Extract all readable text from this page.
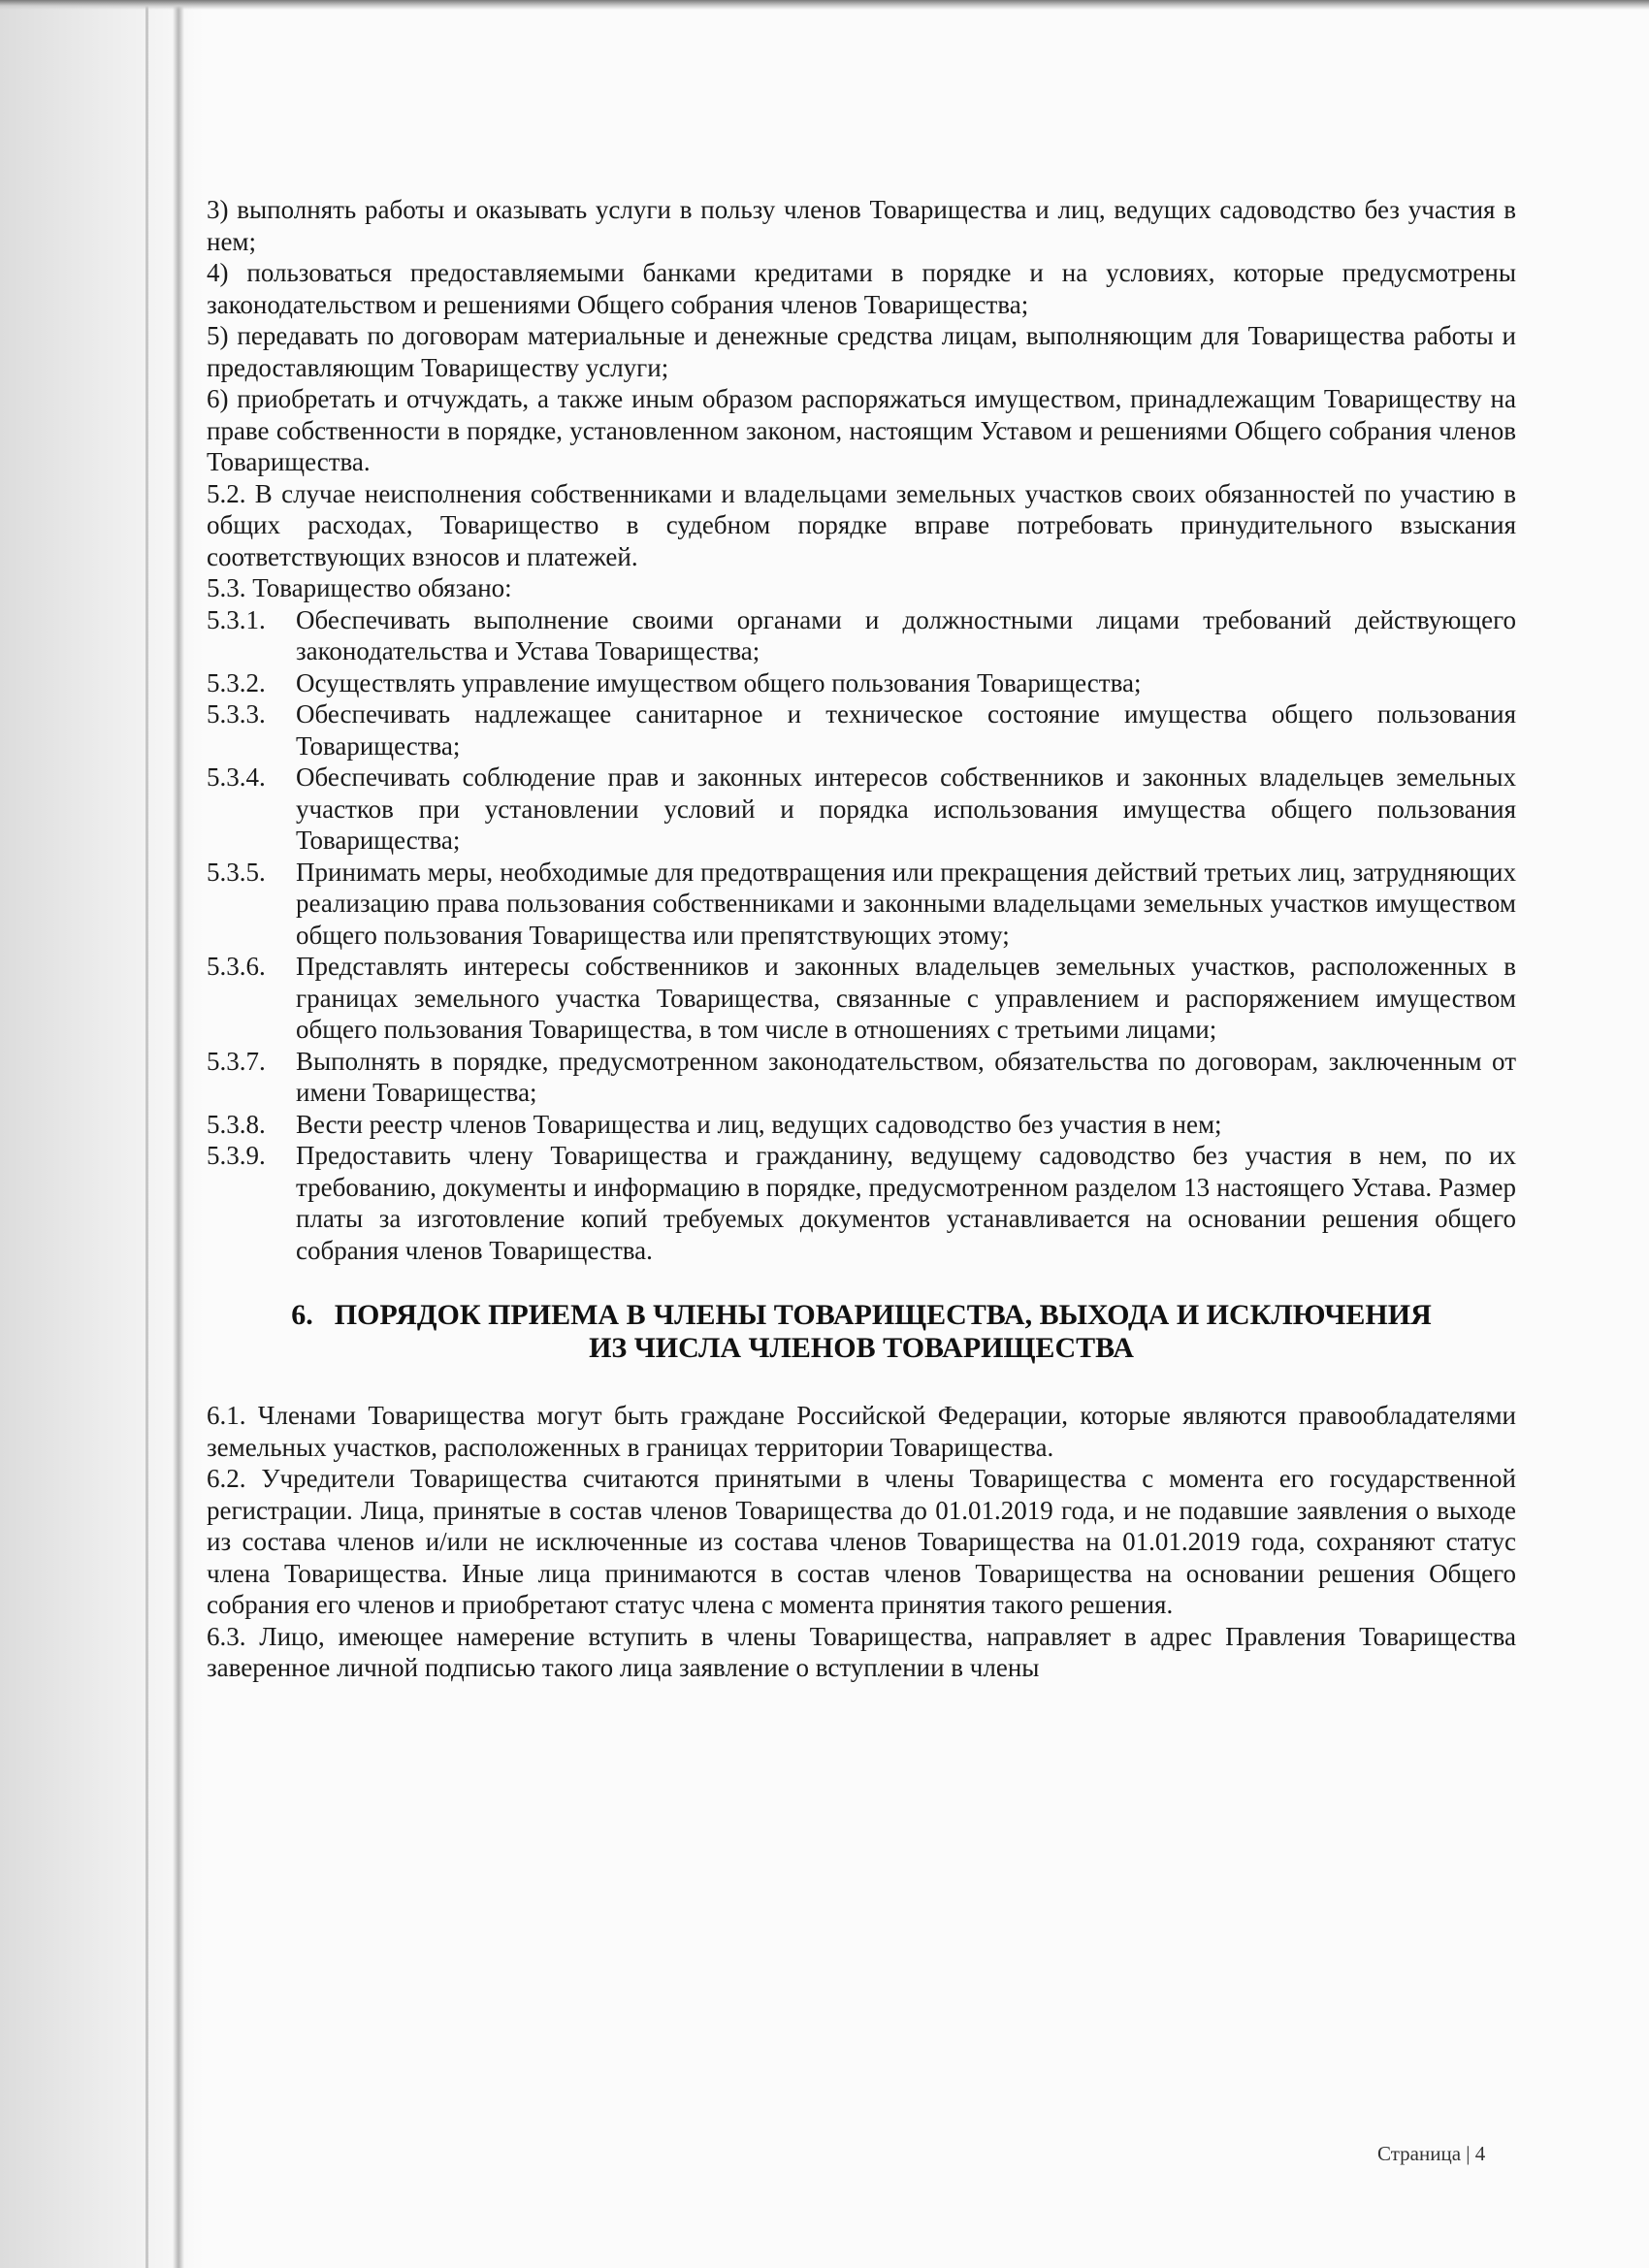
3) выполнять работы и оказывать услуги в пользу членов Товарищества и лиц, ведущих садоводство без участия в нем;

4) пользоваться предоставляемыми банками кредитами в порядке и на условиях, которые предусмотрены законодательством и решениями Общего собрания членов Товарищества;

5) передавать по договорам материальные и денежные средства лицам, выполняющим для Товарищества работы и предоставляющим Товариществу услуги;

6) приобретать и отчуждать, а также иным образом распоряжаться имуществом, принадлежащим Товариществу на праве собственности в порядке, установленном законом, настоящим Уставом и решениями Общего собрания членов Товарищества.

5.2. В случае неисполнения собственниками и владельцами земельных участков своих обязанностей по участию в общих расходах, Товарищество в судебном порядке вправе потребовать принудительного взыскания соответствующих взносов и платежей.

5.3. Товарищество обязано:

5.3.1.	Обеспечивать выполнение своими органами и должностными лицами требований действующего законодательства и Устава Товарищества;
5.3.2.	Осуществлять управление имуществом общего пользования Товарищества;
5.3.3.	Обеспечивать надлежащее санитарное и техническое состояние имущества общего пользования Товарищества;
5.3.4.	Обеспечивать соблюдение прав и законных интересов собственников и законных владельцев земельных участков при установлении условий и порядка использования имущества общего пользования Товарищества;
5.3.5.	Принимать меры, необходимые для предотвращения или прекращения действий третьих лиц, затрудняющих реализацию права пользования собственниками и законными владельцами земельных участков имуществом общего пользования Товарищества или препятствующих этому;
5.3.6.	Представлять интересы собственников и законных владельцев земельных участков, расположенных в границах земельного участка Товарищества, связанные с управлением и распоряжением имуществом общего пользования Товарищества, в том числе в отношениях с третьими лицами;
5.3.7.	Выполнять в порядке, предусмотренном законодательством, обязательства по договорам, заключенным от имени Товарищества;
5.3.8.	Вести реестр членов Товарищества и лиц, ведущих садоводство без участия в нем;
5.3.9.	Предоставить члену Товарищества и гражданину, ведущему садоводство без участия в нем, по их требованию, документы и информацию в порядке, предусмотренном разделом 13 настоящего Устава. Размер платы за изготовление копий требуемых документов устанавливается на основании решения общего собрания членов Товарищества.
6. ПОРЯДОК ПРИЕМА В ЧЛЕНЫ ТОВАРИЩЕСТВА, ВЫХОДА И ИСКЛЮЧЕНИЯ
ИЗ ЧИСЛА ЧЛЕНОВ ТОВАРИЩЕСТВА

6.1. Членами Товарищества могут быть граждане Российской Федерации, которые являются правообладателями земельных участков, расположенных в границах территории Товарищества.

6.2. Учредители Товарищества считаются принятыми в члены Товарищества с момента его государственной регистрации. Лица, принятые в состав членов Товарищества до 01.01.2019 года, и не подавшие заявления о выходе из состава членов и/или не исключенные из состава членов Товарищества на 01.01.2019 года, сохраняют статус члена Товарищества. Иные лица принимаются в состав членов Товарищества на основании решения Общего собрания его членов и приобретают статус члена с момента принятия такого решения.

6.3. Лицо, имеющее намерение вступить в члены Товарищества, направляет в адрес Правления Товарищества заверенное личной подписью такого лица заявление о вступлении в члены

Страница | 4
